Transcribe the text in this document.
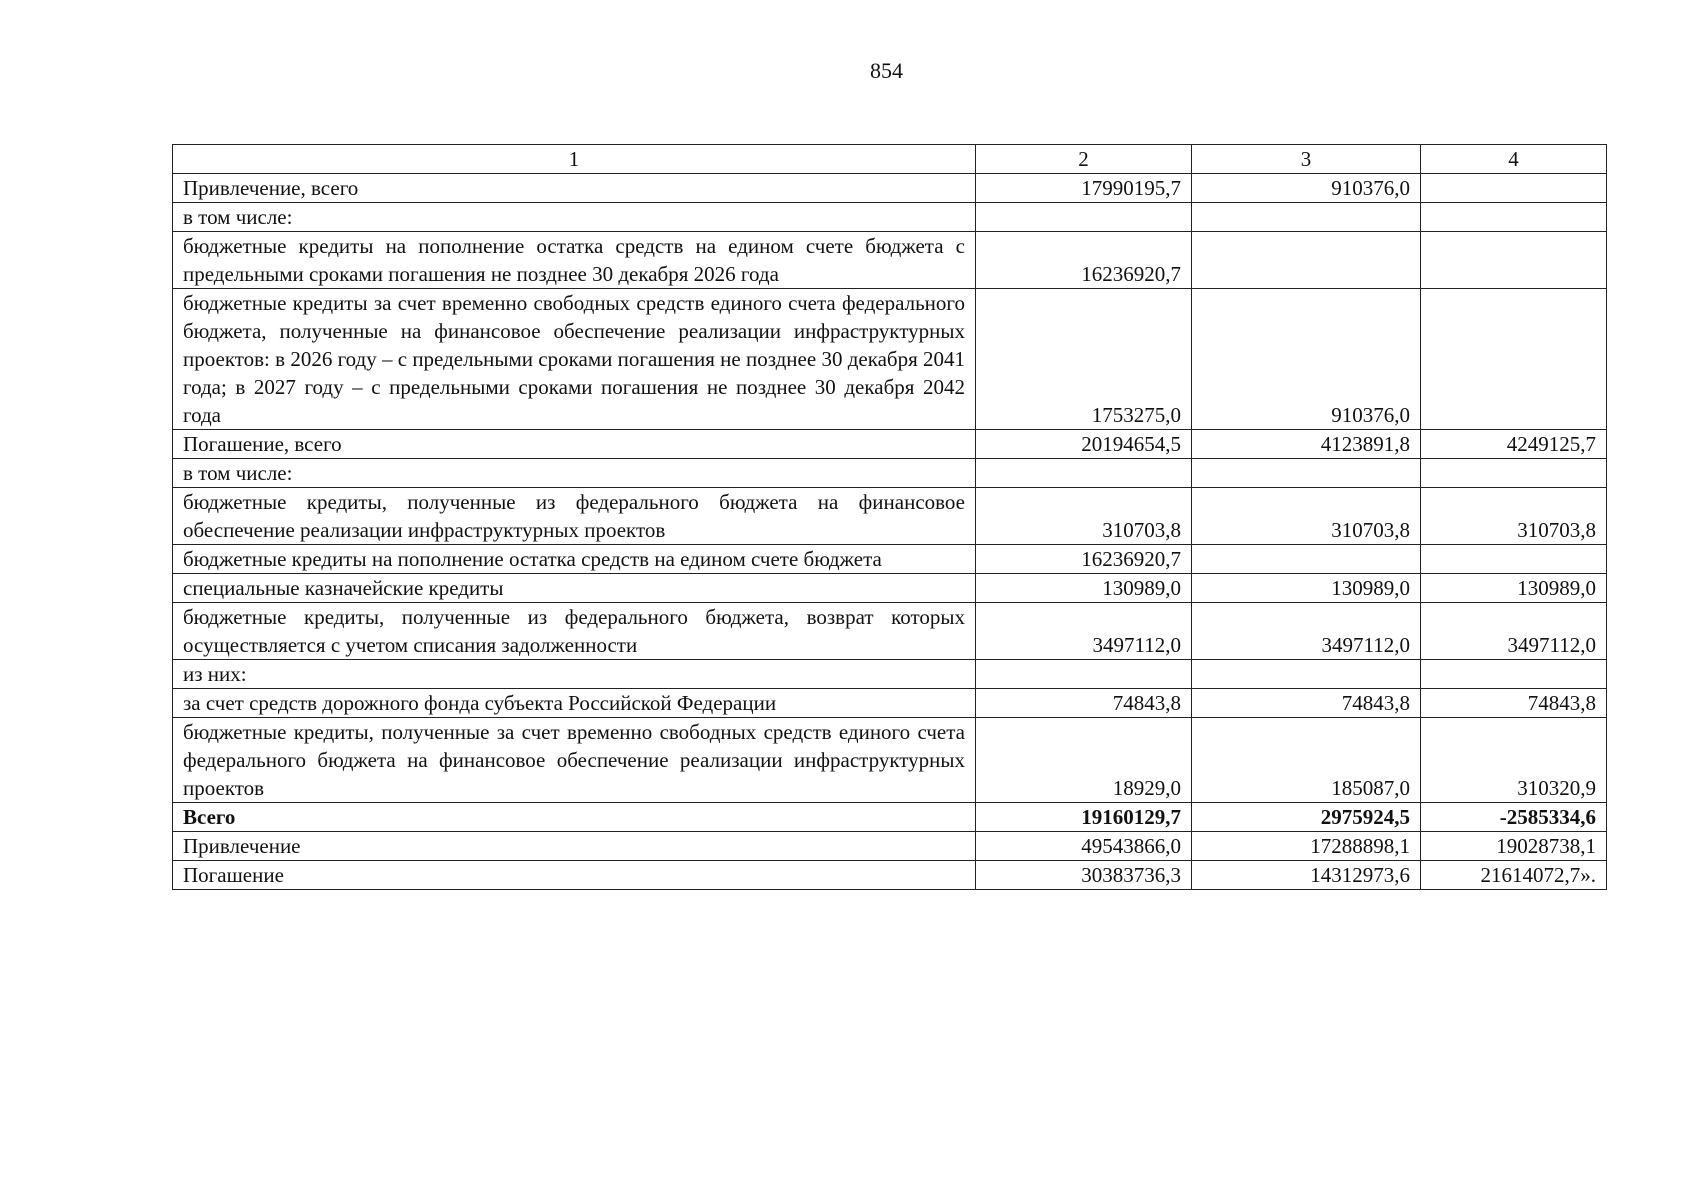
854
1	2	3	4
Привлечение, всего	17990195,7	910376,0	
в том числе:			
бюджетные кредиты на пополнение остатка средств на едином счете бюджета с предельными сроками погашения не позднее 30 декабря 2026 года	16236920,7		
бюджетные кредиты за счет временно свободных средств единого счета федерального бюджета, полученные на финансовое обеспечение реализации инфраструктурных проектов: в 2026 году – с предельными сроками погашения не позднее 30 декабря 2041 года; в 2027 году – с предельными сроками погашения не позднее 30 декабря 2042 года	1753275,0	910376,0	
Погашение, всего	20194654,5	4123891,8	4249125,7
в том числе:			
бюджетные кредиты, полученные из федерального бюджета на финансовое обеспечение реализации инфраструктурных проектов	310703,8	310703,8	310703,8
бюджетные кредиты на пополнение остатка средств на едином счете бюджета	16236920,7		
специальные казначейские кредиты	130989,0	130989,0	130989,0
бюджетные кредиты, полученные из федерального бюджета, возврат которых осуществляется с учетом списания задолженности	3497112,0	3497112,0	3497112,0
из них:			
за счет средств дорожного фонда субъекта Российской Федерации	74843,8	74843,8	74843,8
бюджетные кредиты, полученные за счет временно свободных средств единого счета федерального бюджета на финансовое обеспечение реализации инфраструктурных проектов	18929,0	185087,0	310320,9
Всего	19160129,7	2975924,5	-2585334,6
Привлечение	49543866,0	17288898,1	19028738,1
Погашение	30383736,3	14312973,6	21614072,7».
